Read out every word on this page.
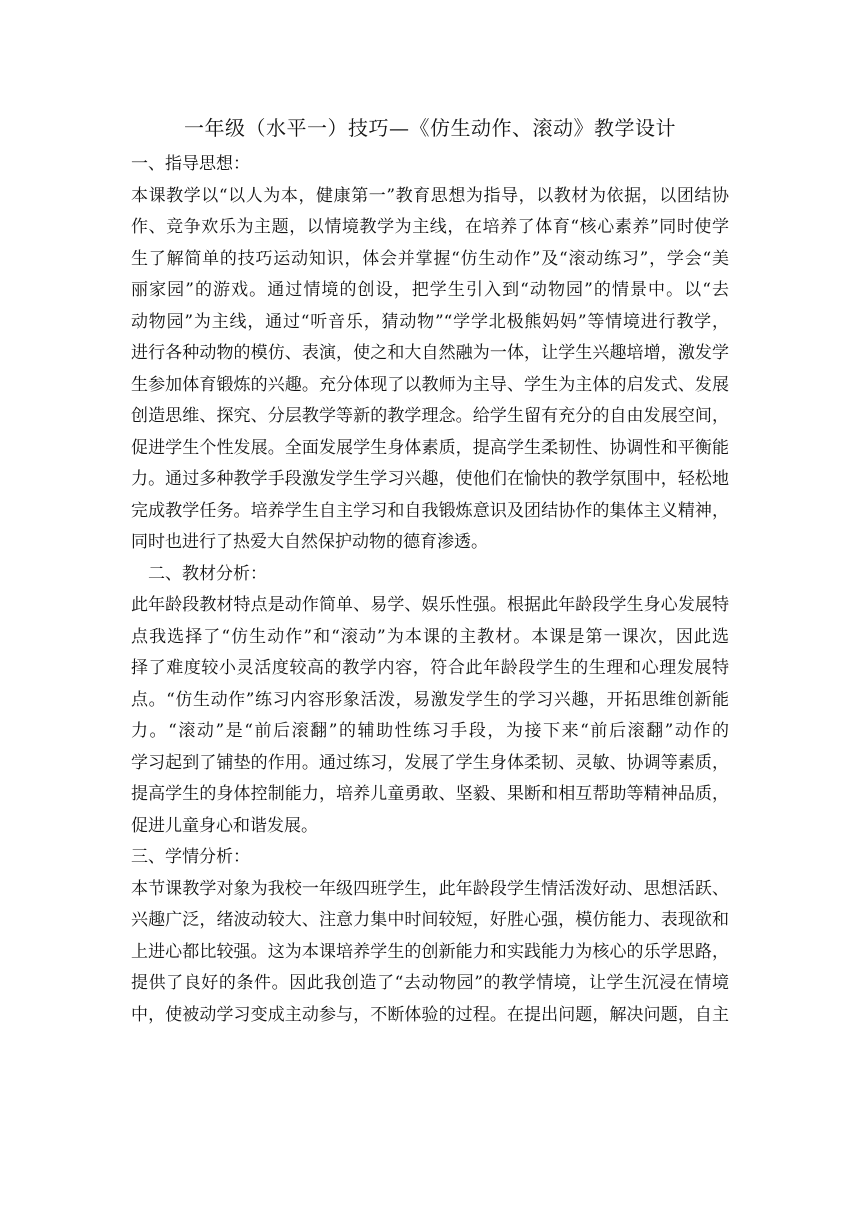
一年级（水平一）技巧—《仿生动作、滚动》教学设计
一、指导思想：
本课教学以“以人为本，健康第一”教育思想为指导，以教材为依据，以团结协
作、竞争欢乐为主题，以情境教学为主线，在培养了体育“核心素养”同时使学
生了解简单的技巧运动知识，体会并掌握“仿生动作”及“滚动练习”，学会“美
丽家园”的游戏。通过情境的创设，把学生引入到“动物园”的情景中。以“去
动物园”为主线，通过“听音乐，猜动物”“学学北极熊妈妈”等情境进行教学，
进行各种动物的模仿、表演，使之和大自然融为一体，让学生兴趣培增，激发学
生参加体育锻炼的兴趣。充分体现了以教师为主导、学生为主体的启发式、发展
创造思维、探究、分层教学等新的教学理念。给学生留有充分的自由发展空间，
促进学生个性发展。全面发展学生身体素质，提高学生柔韧性、协调性和平衡能
力。通过多种教学手段激发学生学习兴趣，使他们在愉快的教学氛围中，轻松地
完成教学任务。培养学生自主学习和自我锻炼意识及团结协作的集体主义精神，
同时也进行了热爱大自然保护动物的德育渗透。
二、教材分析：
此年龄段教材特点是动作简单、易学、娱乐性强。根据此年龄段学生身心发展特
点我选择了“仿生动作”和“滚动”为本课的主教材。本课是第一课次，因此选
择了难度较小灵活度较高的教学内容，符合此年龄段学生的生理和心理发展特
点。“仿生动作”练习内容形象活泼，易激发学生的学习兴趣，开拓思维创新能
力。“滚动”是“前后滚翻”的辅助性练习手段，为接下来“前后滚翻”动作的
学习起到了铺垫的作用。通过练习，发展了学生身体柔韧、灵敏、协调等素质，
提高学生的身体控制能力，培养儿童勇敢、坚毅、果断和相互帮助等精神品质，
促进儿童身心和谐发展。
三、学情分析：
本节课教学对象为我校一年级四班学生，此年龄段学生情活泼好动、思想活跃、
兴趣广泛，绪波动较大、注意力集中时间较短，好胜心强，模仿能力、表现欲和
上进心都比较强。这为本课培养学生的创新能力和实践能力为核心的乐学思路，
提供了良好的条件。因此我创造了“去动物园”的教学情境，让学生沉浸在情境
中，使被动学习变成主动参与，不断体验的过程。在提出问题，解决问题，自主
